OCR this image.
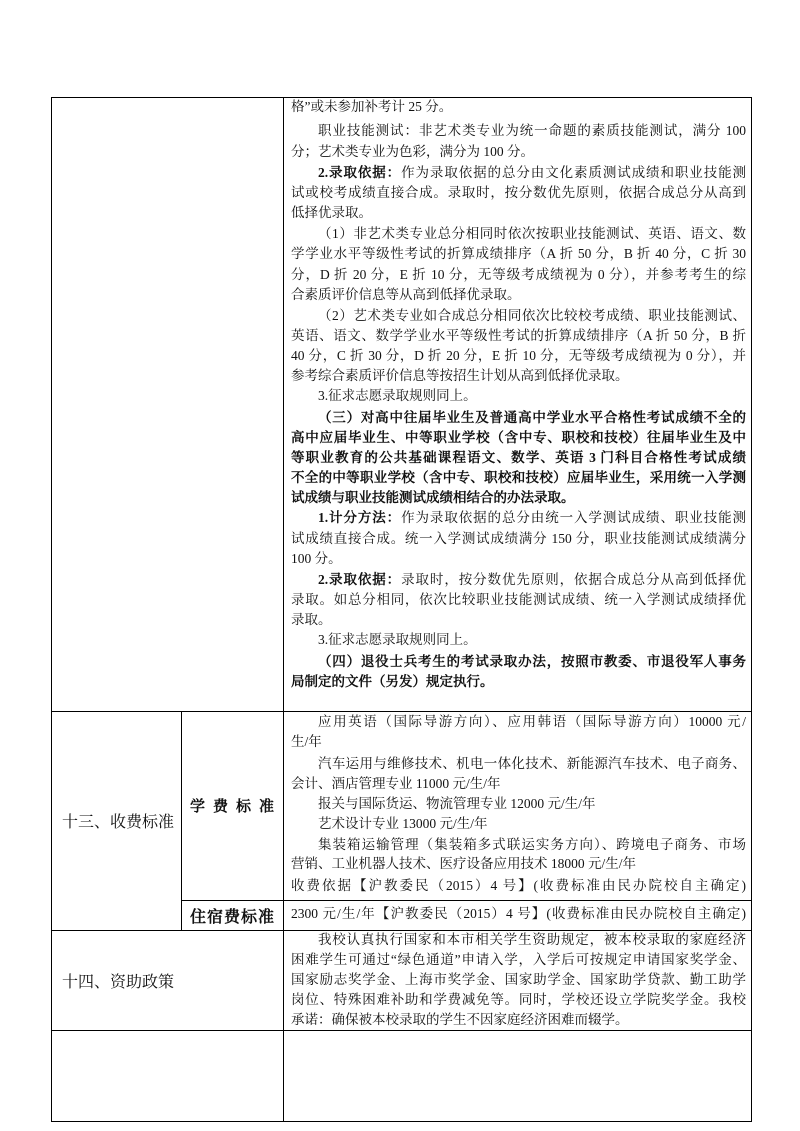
格”或未参加补考计 25 分。
职业技能测试：非艺术类专业为统一命题的素质技能测试，满分 100
分；艺术类专业为色彩，满分为 100 分。
2.录取依据：作为录取依据的总分由文化素质测试成绩和职业技能测
试或校考成绩直接合成。录取时，按分数优先原则，依据合成总分从高到
低择优录取。
（1）非艺术类专业总分相同时依次按职业技能测试、英语、语文、数
学学业水平等级性考试的折算成绩排序（A 折 50 分，B 折 40 分，C 折 30
分，D 折 20 分，E 折 10 分，无等级考成绩视为 0 分），并参考考生的综
合素质评价信息等从高到低择优录取。
（2）艺术类专业如合成总分相同依次比较校考成绩、职业技能测试、
英语、语文、数学学业水平等级性考试的折算成绩排序（A 折 50 分，B 折
40 分，C 折 30 分，D 折 20 分，E 折 10 分，无等级考成绩视为 0 分），并
参考综合素质评价信息等按招生计划从高到低择优录取。
3.征求志愿录取规则同上。
（三）对高中往届毕业生及普通高中学业水平合格性考试成绩不全的
高中应届毕业生、中等职业学校（含中专、职校和技校）往届毕业生及中
等职业教育的公共基础课程语文、数学、英语 3 门科目合格性考试成绩
不全的中等职业学校（含中专、职校和技校）应届毕业生，采用统一入学测
试成绩与职业技能测试成绩相结合的办法录取。
1.计分方法：作为录取依据的总分由统一入学测试成绩、职业技能测
试成绩直接合成。统一入学测试成绩满分 150 分，职业技能测试成绩满分
100 分。
2.录取依据：录取时，按分数优先原则，依据合成总分从高到低择优
录取。如总分相同，依次比较职业技能测试成绩、统一入学测试成绩择优
录取。
3.征求志愿录取规则同上。
（四）退役士兵考生的考试录取办法，按照市教委、市退役军人事务
局制定的文件（另发）规定执行。
十三、收费标准
学费标准
应用英语（国际导游方向）、应用韩语（国际导游方向）10000 元/
生/年
汽车运用与维修技术、机电一体化技术、新能源汽车技术、电子商务、
会计、酒店管理专业 11000 元/生/年
报关与国际货运、物流管理专业 12000 元/生/年
艺术设计专业 13000 元/生/年
集装箱运输管理（集装箱多式联运实务方向）、跨境电子商务、市场
营销、工业机器人技术、医疗设备应用技术 18000 元/生/年
收费依据【沪教委民（2015）4 号】(收费标准由民办院校自主确定)
住宿费标准 2300 元/生/年【沪教委民（2015）4 号】(收费标准由民办院校自主确定)
十四、资助政策
我校认真执行国家和本市相关学生资助规定，被本校录取的家庭经济
困难学生可通过“绿色通道”申请入学，入学后可按规定申请国家奖学金、
国家励志奖学金、上海市奖学金、国家助学金、国家助学贷款、勤工助学
岗位、特殊困难补助和学费减免等。同时，学校还设立学院奖学金。我校
承诺：确保被本校录取的学生不因家庭经济困难而辍学。
